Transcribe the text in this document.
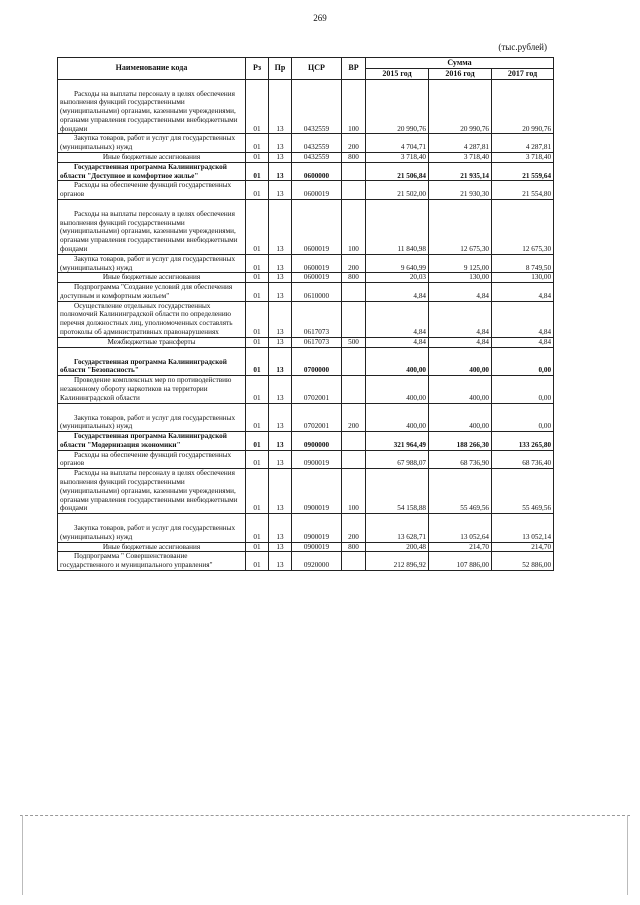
269
(тыс.рублей)
Наименование кода	Рз	Пр	ЦСР	ВР	Сумма		
					2015 год	2016 год	2017 год
Расходы на выплаты персоналу в целях обеспечения выполнения функций государственными (муниципальными) органами, казенными учреждениями, органами управления государственными внебюджетными фондами	01	13	0432559	100	20 990,76	20 990,76	20 990,76
Закупка товаров, работ и услуг для государственных (муниципальных) нужд	01	13	0432559	200	4 704,71	4 287,81	4 287,81
Иные бюджетные ассигнования	01	13	0432559	800	3 718,40	3 718,40	3 718,40
Государственная программа Калининградской области "Доступное и комфортное жилье"	01	13	0600000		21 506,84	21 935,14	21 559,64
Расходы на обеспечение функций государственных органов	01	13	0600019		21 502,00	21 930,30	21 554,80
Расходы на выплаты персоналу в целях обеспечения выполнения функций государственными (муниципальными) органами, казенными учреждениями, органами управления государственными внебюджетными фондами	01	13	0600019	100	11 840,98	12 675,30	12 675,30
Закупка товаров, работ и услуг для государственных (муниципальных) нужд	01	13	0600019	200	9 640,99	9 125,00	8 749,50
Иные бюджетные ассигнования	01	13	0600019	800	20,03	130,00	130,00
Подпрограмма "Создание условий для обеспечения доступным и комфортным жильем"	01	13	0610000		4,84	4,84	4,84
Осуществление отдельных государственных полномочий Калининградской области по определению перечня должностных лиц, уполномоченных составлять протоколы об административных правонарушениях	01	13	0617073		4,84	4,84	4,84
Межбюджетные трансферты	01	13	0617073	500	4,84	4,84	4,84
Государственная программа Калининградской области "Безопасность"	01	13	0700000		400,00	400,00	0,00
Проведение комплексных мер по противодействию незаконному обороту наркотиков на территории Калининградской области	01	13	0702001		400,00	400,00	0,00
Закупка товаров, работ и услуг для государственных (муниципальных) нужд	01	13	0702001	200	400,00	400,00	0,00
Государственная программа Калининградской области "Модернизация экономики"	01	13	0900000		321 964,49	188 266,30	133 265,80
Расходы на обеспечение функций государственных органов	01	13	0900019		67 988,07	68 736,90	68 736,40
Расходы на выплаты персоналу в целях обеспечения выполнения функций государственными (муниципальными) органами, казенными учреждениями, органами управления государственными внебюджетными фондами	01	13	0900019	100	54 158,88	55 469,56	55 469,56
Закупка товаров, работ и услуг для государственных (муниципальных) нужд	01	13	0900019	200	13 628,71	13 052,64	13 052,14
Иные бюджетные ассигнования	01	13	0900019	800	200,48	214,70	214,70
Подпрограмма " Совершенствование государственного и муниципального управления"	01	13	0920000		212 896,92	107 886,00	52 886,00
